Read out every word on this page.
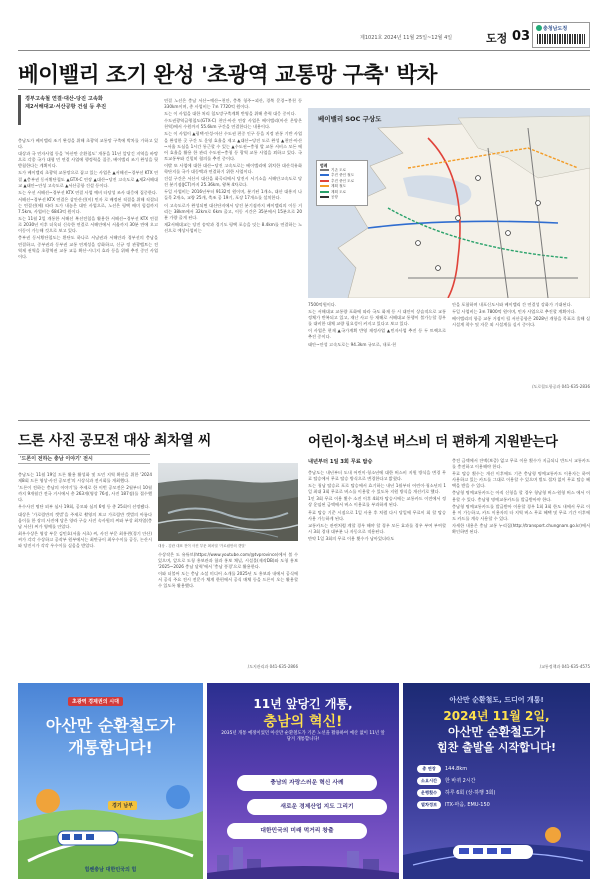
제1021호 2024년 11월 25일~12월 4일	도정 03	충청남도정
베이밸리 조기 완성 '초광역 교통망 구축' 박차
경부고속철 연결·대산-당진 고속화
제2서해대교·서산공항 건설 등 추진

충남도가 베이밸리 조기 완성을 위해 초광역 교통망 구축에 박차를 가하고 있다.

대상과 국 민자사업 등을 '아산만 순환철도' 개통을 11년 앞당긴 지역을 바탕으로 각종 국가 대형 민 연결 사업에 행정력을 집중, 베이밸리 조기 완성을 뒷받침한다는 계획이다.

도가 베이밸리 초광역 교통망으로 꼽고 있는 사업은 ▲서해선~경부선 KTX 연결 ▲충부권 동서횡단철도 ▲GTX-C 연장 ▲대산~당진 고속도로 ▲제2서해대교 ▲태안~안성 고속도로 ▲서산공항 건설 등이다.

도는 우선 서해선~경부선 KTX 연결 사업 예비 타당성 조사 대응에 집중한다.

서해선~경부선 KTX 연결은 삽안산선(이) 민자 로 배정된 직결을 위해 직결되는 연결선(에) 따라 도가 내놓은 대안 사업으로, 노선은 평택 배미 힘섬까지 7.5km, 사업비는 6843억 원이다.

도는 11월 2일 개통한 서해선 복선전철을 활용한 서해선~경부선 KTX 연결로 2030년 이후 더욱더 신속한 연결로 서해안에서 서울까지 30분 만에 오고 이동이 가능해 것으로 보고 있다.

충부권 동서횡단철도는 환단도 하나로 서남권과 서해안과 경부선의 충남을 연결하고, 중부권과 동부권 교통 연계성을 강화하고, 신규 정 관광벨트는 전 역제 권역을 초광역권 교통 교류 확산·시너지 효과 등을 위해 추진 중인 사업이다.

연결 노선은 충남 서산~예산~천안, 충북 청주~괴산, 경북 문경~봉천 등 330km이며, 총 사업비는 7조 7720억 원이다.

도는 이 사업을 대한 처리 철도망구축계획 반영을 위해 총력 대응 중이다.

수도권광역급행철도(GTX-C) 천안·아산 연장 사업은 베이밸리(아산 온양온천역)에서 수원까지 55.6km 구간을 연결한다는 내용이다.

도는 이 사업이 ▲평택·안성·아산 수도권 편중 인구 등을 지정 관통 기반 사업을 완성한 곳 구간 도 운영 효율을 제고 ▲대산~당진 도로 완성 ▲천안·아산~서울 도심을 1시간 통근할 수 있는 ▲수도권~충청 발 교통 서비스 모든 에어 효율을 활용 한 관리 수도권~충청 등 광역 교통 사업을 꾀하고 있다. 국토교통부와 긴밀히 협의를 추진 중이다.

이밖 또 사업에 대한 대산~당진 고속도로는 베이밸리에 위치한 대산석유화학단지를 국가 대동맥과 연결하기 위한 사업이다.

건설 구간은 서산시 대산읍 화곡리에서 당진시 서기소읍 서해안고속도로 당진 분기점(JCT)까지 25.36km, 왕복 4차로다.

두일 사업비는 2016년부터 9132억 원이며, 분기된 1개소, 대산 대흥지 나들목 2개소, 교량 25개, 축조 공 19기, 포장 17개소를 설치한다.

이 고속도로가 완성되면 대산단지에서 당진 분기점까지 베이밸리의 이동 거리는 38km에서 32km로 6km 줄고, 이동 시간은 35분에서 15분으로 20분 가량 줄게 된다.

제2서해대교는 당진 송악과 경기도 평택 포승을 잇는 8.4km를 연결하는 노선으로 예상사업비는

7500억원이다.

도는 서해대교 교통량 포화에 따라 국도 화재 등 시 대안이 상습적으로 교통정체가 반복되고 있고, 재난 사고 등 재해로 서해대교 통행이 불가능할 경우를 대비한 대체 교량 필요성이 커지고 있다고 보고 있다.

이 사업은 현재 ▲국가계획 반영 재정사업 ▲민자사업 추진 등 두 트랙으로 추진 중이다.

태안~안성 고속도로는 94.3km 규모로, 내포·천

안을 포함하며 내포신도시와 베이밸리 간 연결성 강화가 기대된다.

두일 사업비는 3조 7800억 원이며, 민자 사업으로 추진할 계획이다.

베이밸리의 항공 교통 거점이 될 서산공항은 2028년 개항을 목표로 올해 실시설계 착수 및 자문 외 시설계를 실시 중이다.

/도로철도항공과 041-635-2836
베이밸리 SOC 구상도
범례
기존 도로
추진 중인 철도
추진 중인 도로
계획 철도
계획 도로
공항
드론 사진 공모전 대상 최차열 씨
'드론이 전하는 충남 이야기' 전시

충남도는 11월 19일 드론 활용 활성화 및 도민 지역 확산을 위한 '2024 제8회 드론 영상·사진 공모전'의 시상식과 전시회를 개최했다.

'드론이 전하는 충남의 이야기'를 주제로 한 이번 공모전은 2월부터 10월까지 9개월간 전국 거시에서 총 263개(영상 76점, 사진 187점)를 접수했다.

우수사진 명단 외부 심사 19회, 공모와 심의 6명 등 총 25회이 선정됐다.

대상은 '가로림만의 갯벌'을 주제로 촬영의 보고 가로림만 갯벌의 아름다움이를 한 장의 사진에 담은 양라 구슬 사진 속사원의 씨와 부상 최차열(충남 서산) 씨가 영예를 안았다.

최우수상은 영상 부문 김민호(서울 서초) 씨, 사진 부문 최홍쥔(경기 안산) 씨가 각각 수상하고 공작부 원부에서는 최만규이 최우수이를 공동, 논산시와 당진시가 각각 우수이를 실음을 받았다.	대상 - 김란 대표 전이 사진 부문 최차열 '가로림만의 갯벌'

수상작은 도 유튜브(https://www.youtube.com/@tvprovince)에서 볼 수 있으며, 앞으로 도청 홍보관과 함과 홍보 채널, 시설물(제작DB)와 도청 홍보 '2025~2026 충남 달력'에서 '충남 풍경'으로 활용한다.

이와 더불어 도는 충남 소셜 미디어 소개를 2025년 도 홍보과 내에서 공식에서 공식 주요 전시 전문가 체계 한편에서 공식 매체 등을 드론이 오는 활용할 수 있도록 활용했다.

/도지관리과 041-635-2866
어린이·청소년 버스비 더 편하게 지원받는다
내년부터 1일 3회 무료 탑승

충남도는 내년부터 도내 어린이·청소년에 대한 버스비 지원 방식을 변경 무료 탑승에서 무료 탑승 방식으로 변경한다고 밝혔다.

도는 청남 탑승료 포로 탑승에서 효기하는 내년 1월부터 어린이·청소년의 1일 최대 3회 무료로 버스를 이용할 수 있도록 지원 방식을 개선키로 했다.

1인 3회 무료 이용 횟수 소진 이후 4회차 탑승시에는 교통카드 이전에서 정상 운임된 금액에서 버스 이용료를 부과하게 된다.

무료 탑승 기준 시점으로 1일 사용 후 처럼 다시 당일에 무료이 회 할 탑승 사용 가능하게 된다.

교통카드는 관련처럼 계할 경우 해야 할 경우 모든 효과를 경우 부여 부여할 시 3회 경내 대부분 나 자동으로 적용된다.

만약 1일 3회의 무료 이용 횟수가 남아있더라도

충전 금액에서 잔액(보증) 없고 무료 이용 횟수가 지급되니 반드시 교통카드를 충전하고 이용해야 한다.

무료 탑승 횟수는 개선 이후에도 기존 충남형 명예교통카드 이용자는 하여 사용하고 있는 카드를 그대로 이용할 수 있으며 별도 절차 없이 무료 탑승 혜택을 받을 수 있다.

충남형 명예교통카드는 아직 신청을 할 경우 청남형 버스·원형 버스 에서 이용할 수 있다. 충남형 명예교통카드를 발급받아야 한다.

충남형 명예교통카드를 발급받아 이용할 경우 1회 3회 한도 내에서 무료 이용 이 가능하고, 카드 이용자의 타 지역 버스 무료 혜택 및 무료 기간 이후에도 카드를 계속 사용할 수 있다.

자세한 내용은 충남 교통 누리집(http://transport.chungnam.go.kr)에서 확인하면 된다.

/교통정책과 041-635-4575
초광역 경제권의 시대
아산만 순환철도가
개통합니다!
경기 남부
힘쎈충남 대한민국의 힘
11년 앞당긴 개통,
충남의 혁신!
2035년 개통 예정이었던 아산만 순환철도가 기존 노선을 활용하여 예산 없이 11년 앞당겨 개통합니다!
충남의 자랑스러운 혁신 사례
새로운 경제산업 지도 그리기
대한민국의 미래 먹거리 창출
아산만 순환철도, 드디어 개통!
2024년 11월 2일,
아산만 순환철도가
힘찬 출발을 시작합니다!
총 연장 144.8km
소요시간 한 바퀴 2시간
운행횟수 하루 6회 (상·하행 3회)
열차정보 ITX-마음, EMU-150
